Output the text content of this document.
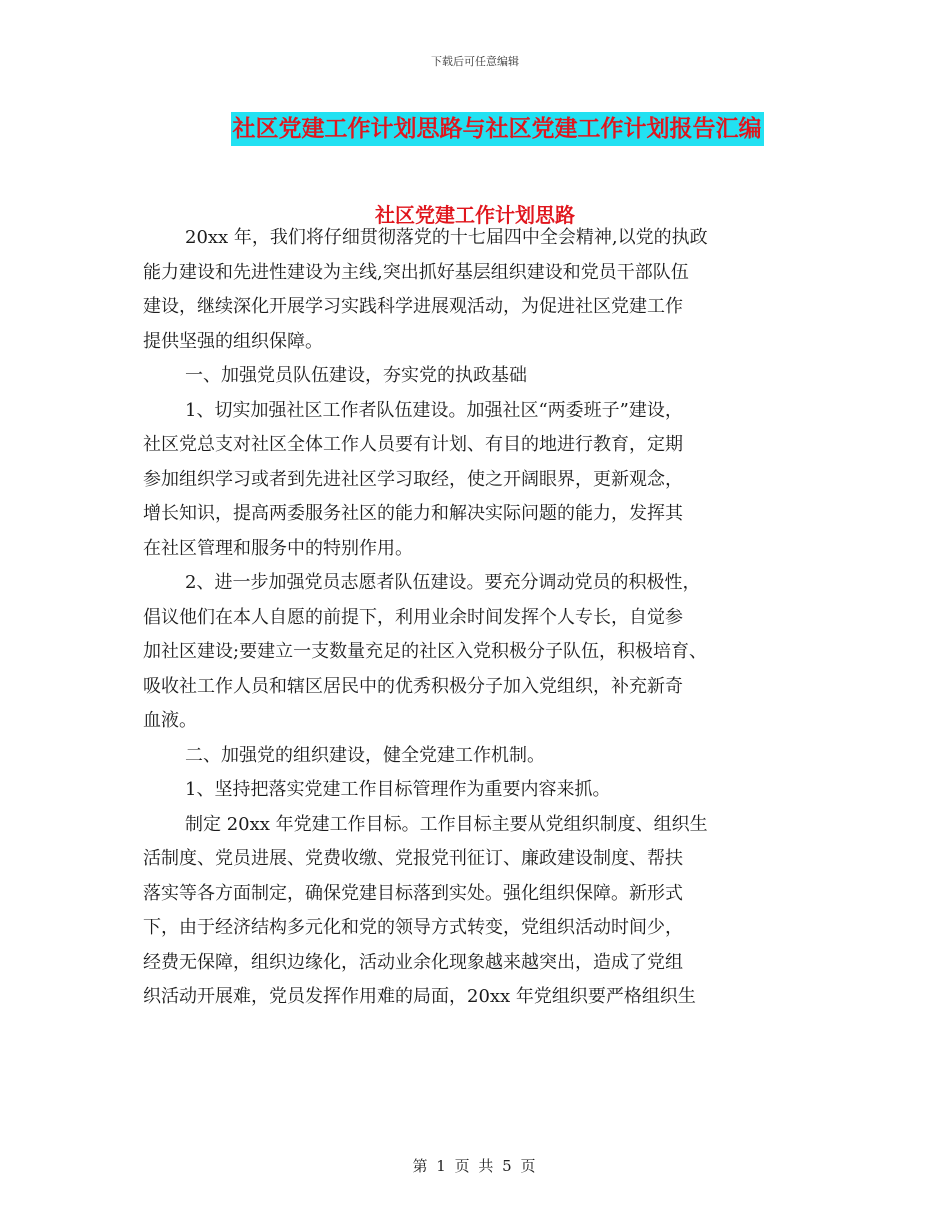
下载后可任意编辑
社区党建工作计划思路与社区党建工作计划报告汇编
社区党建工作计划思路

20xx 年，我们将仔细贯彻落党的十七届四中全会精神,以党的执政
能力建设和先进性建设为主线,突出抓好基层组织建设和党员干部队伍
建设，继续深化开展学习实践科学进展观活动，为促进社区党建工作
提供坚强的组织保障。
一、加强党员队伍建设，夯实党的执政基础
1、切实加强社区工作者队伍建设。加强社区“两委班子”建设，
社区党总支对社区全体工作人员要有计划、有目的地进行教育，定期
参加组织学习或者到先进社区学习取经，使之开阔眼界，更新观念，
增长知识，提高两委服务社区的能力和解决实际问题的能力，发挥其
在社区管理和服务中的特别作用。
2、进一步加强党员志愿者队伍建设。要充分调动党员的积极性，
倡议他们在本人自愿的前提下，利用业余时间发挥个人专长，自觉参
加社区建设;要建立一支数量充足的社区入党积极分子队伍，积极培育、
吸收社工作人员和辖区居民中的优秀积极分子加入党组织，补充新奇
血液。
二、加强党的组织建设，健全党建工作机制。
1、坚持把落实党建工作目标管理作为重要内容来抓。
制定 20xx 年党建工作目标。工作目标主要从党组织制度、组织生
活制度、党员进展、党费收缴、党报党刊征订、廉政建设制度、帮扶
落实等各方面制定，确保党建目标落到实处。强化组织保障。新形式
下，由于经济结构多元化和党的领导方式转变，党组织活动时间少，
经费无保障，组织边缘化，活动业余化现象越来越突出，造成了党组
织活动开展难，党员发挥作用难的局面，20xx 年党组织要严格组织生

第 1 页 共 5 页
